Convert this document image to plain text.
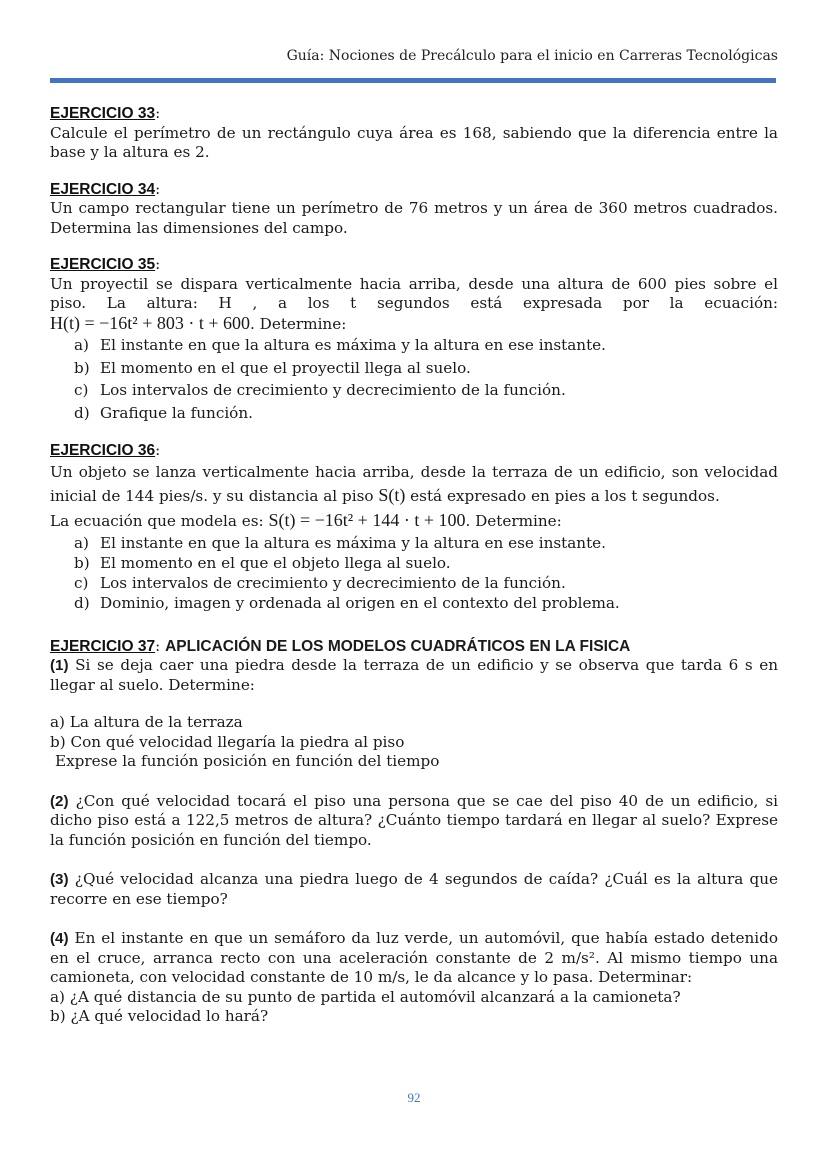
Guía: Nociones de Precálculo para el inicio en Carreras Tecnológicas
EJERCICIO 33:

Calcule el perímetro de un rectángulo cuya área es 168, sabiendo que la diferencia entre la base y la altura es 2.

EJERCICIO 34:

Un campo rectangular tiene un perímetro de 76 metros y un área de 360 metros cuadrados. Determina las dimensiones del campo.

EJERCICIO 35:

Un proyectil se dispara verticalmente hacia arriba, desde una altura de 600 pies sobre el piso. La altura: H , a los t segundos está expresada por la ecuación:

H(t) = −16t² + 803 · t + 600. Determine:

a) El instante en que la altura es máxima y la altura en ese instante.
b) El momento en el que el proyectil llega al suelo.
c) Los intervalos de crecimiento y decrecimiento de la función.
d) Grafique la función.
EJERCICIO 36:

Un objeto se lanza verticalmente hacia arriba, desde la terraza de un edificio, son velocidad inicial de 144 pies/s. y su distancia al piso S(t) está expresado en pies a los t segundos.

La ecuación que modela es: S(t) = −16t² + 144 · t + 100. Determine:

a) El instante en que la altura es máxima y la altura en ese instante.
b) El momento en el que el objeto llega al suelo.
c) Los intervalos de crecimiento y decrecimiento de la función.
d) Dominio, imagen y ordenada al origen en el contexto del problema.
EJERCICIO 37: APLICACIÓN DE LOS MODELOS CUADRÁTICOS EN LA FISICA

(1) Si se deja caer una piedra desde la terraza de un edificio y se observa que tarda 6 s en llegar al suelo. Determine:

a) La altura de la terraza

b) Con qué velocidad llegaría la piedra al piso

Exprese la función posición en función del tiempo

(2) ¿Con qué velocidad tocará el piso una persona que se cae del piso 40 de un edificio, si dicho piso está a 122,5 metros de altura? ¿Cuánto tiempo tardará en llegar al suelo? Exprese la función posición en función del tiempo.

(3) ¿Qué velocidad alcanza una piedra luego de 4 segundos de caída? ¿Cuál es la altura que recorre en ese tiempo?

(4) En el instante en que un semáforo da luz verde, un automóvil, que había estado detenido en el cruce, arranca recto con una aceleración constante de 2 m/s². Al mismo tiempo una camioneta, con velocidad constante de 10 m/s, le da alcance y lo pasa. Determinar:

a) ¿A qué distancia de su punto de partida el automóvil alcanzará a la camioneta?

b) ¿A qué velocidad lo hará?

92
